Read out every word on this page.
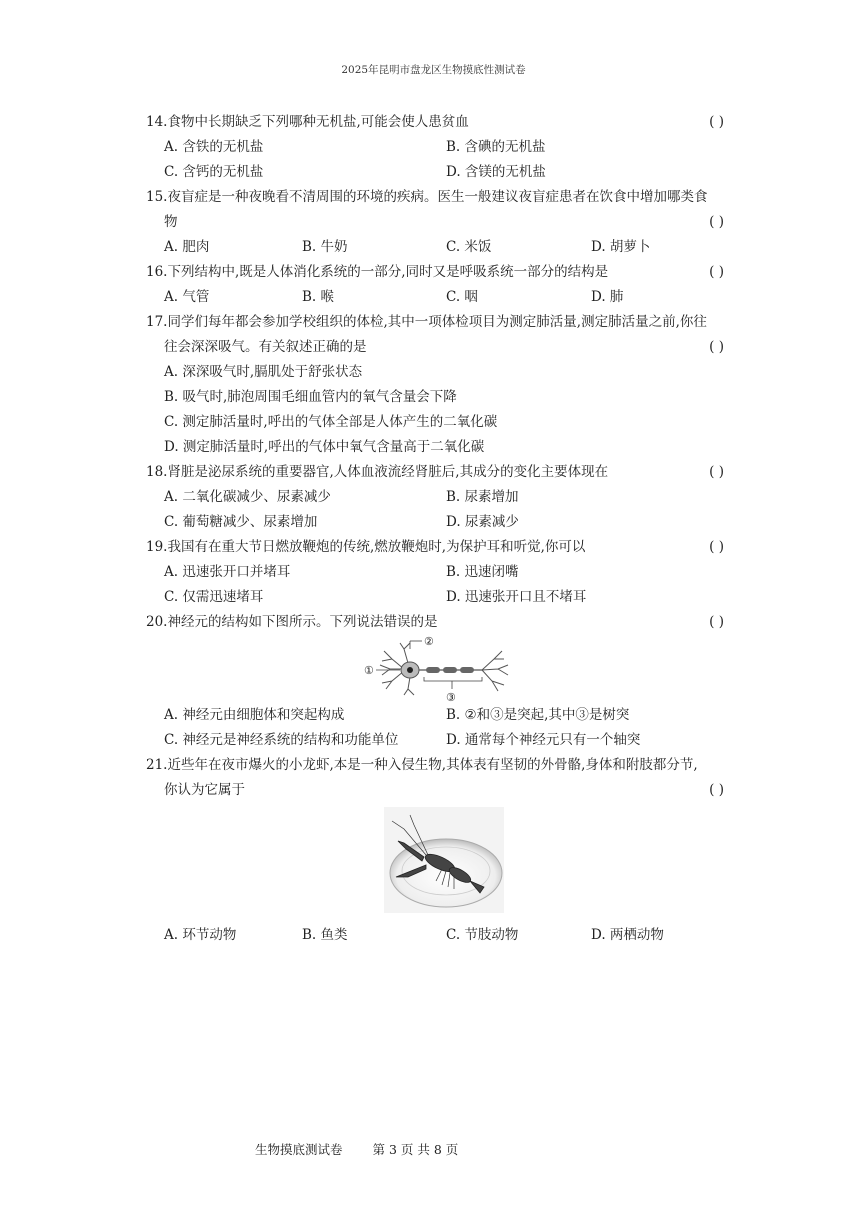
2025年昆明市盘龙区生物摸底性测试卷
14.食物中长期缺乏下列哪种无机盐,可能会使人患贫血	( )
A. 含铁的无机盐	B. 含碘的无机盐
C. 含钙的无机盐	D. 含镁的无机盐
15.夜盲症是一种夜晚看不清周围的环境的疾病。医生一般建议夜盲症患者在饮食中增加哪类食
物	( )
A. 肥肉	B. 牛奶	C. 米饭	D. 胡萝卜
16.下列结构中,既是人体消化系统的一部分,同时又是呼吸系统一部分的结构是	( )
A. 气管	B. 喉	C. 咽	D. 肺
17.同学们每年都会参加学校组织的体检,其中一项体检项目为测定肺活量,测定肺活量之前,你往
往会深深吸气。有关叙述正确的是	( )
A. 深深吸气时,膈肌处于舒张状态
B. 吸气时,肺泡周围毛细血管内的氧气含量会下降
C. 测定肺活量时,呼出的气体全部是人体产生的二氧化碳
D. 测定肺活量时,呼出的气体中氧气含量高于二氧化碳
18.肾脏是泌尿系统的重要器官,人体血液流经肾脏后,其成分的变化主要体现在	( )
A. 二氧化碳减少、尿素减少	B. 尿素增加
C. 葡萄糖减少、尿素增加	D. 尿素减少
19.我国有在重大节日燃放鞭炮的传统,燃放鞭炮时,为保护耳和听觉,你可以	( )
A. 迅速张开口并堵耳	B. 迅速闭嘴
C. 仅需迅速堵耳	D. 迅速张开口且不堵耳
20.神经元的结构如下图所示。下列说法错误的是	( )
②
①
③
A. 神经元由细胞体和突起构成	B. ②和③是突起,其中③是树突
C. 神经元是神经系统的结构和功能单位	D. 通常每个神经元只有一个轴突
21.近些年在夜市爆火的小龙虾,本是一种入侵生物,其体表有坚韧的外骨骼,身体和附肢都分节,
你认为它属于	( )
A. 环节动物	B. 鱼类	C. 节肢动物	D. 两栖动物
生物摸底测试卷 第 3 页 共 8 页
